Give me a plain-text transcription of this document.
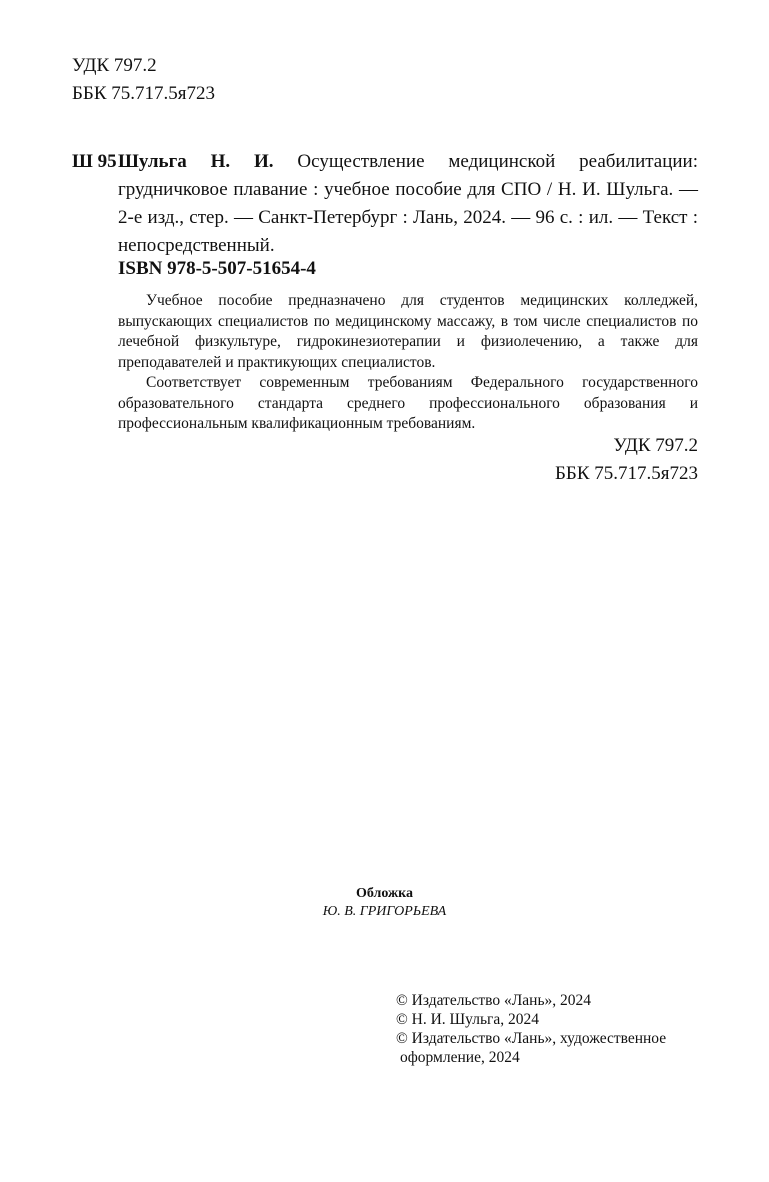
УДК 797.2
ББК 75.717.5я723
Ш 95 Шульга Н. И. Осуществление медицинской реабилитации: грудничковое плавание : учебное пособие для СПО / Н. И. Шульга. — 2-е изд., стер. — Санкт-Петербург : Лань, 2024. — 96 с. : ил. — Текст : непосредственный.
ISBN 978-5-507-51654-4

Учебное пособие предназначено для студентов медицинских колледжей, выпускающих специалистов по медицинскому массажу, в том числе специалистов по лечебной физкультуре, гидрокинезиотерапии и физиолечению, а также для преподавателей и практикующих специалистов.

Соответствует современным требованиям Федерального государственного образовательного стандарта среднего профессионального образования и профессиональным квалификационным требованиям.

УДК 797.2
ББК 75.717.5я723
Обложка
Ю. В. ГРИГОРЬЕВА
© Издательство «Лань», 2024
© Н. И. Шульга, 2024
© Издательство «Лань», художественное
оформление, 2024
